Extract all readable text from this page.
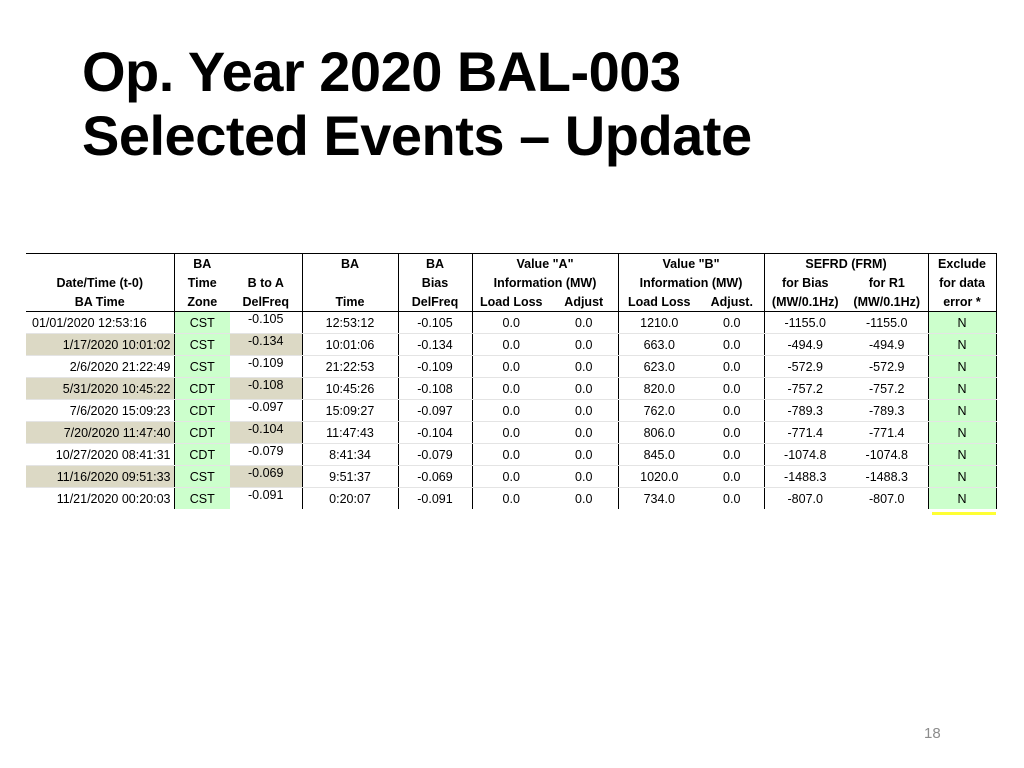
Op. Year 2020 BAL-003
Selected Events – Update
	BA		BA	BA	Value "A"		Value "B"		SEFRD (FRM)		Exclude
Date/Time (t-0)	Time	B to A		Bias	Information (MW)		Information (MW)		for Bias	for R1	for data
BA Time	Zone	DelFreq	Time	DelFreq	Load Loss	Adjust	Load Loss	Adjust.	(MW/0.1Hz)	(MW/0.1Hz)	error *
01/01/2020 12:53:16	CST	-0.105	12:53:12	-0.105	0.0	0.0	1210.0	0.0	-1155.0	-1155.0	N
1/17/2020 10:01:02	CST	-0.134	10:01:06	-0.134	0.0	0.0	663.0	0.0	-494.9	-494.9	N
2/6/2020 21:22:49	CST	-0.109	21:22:53	-0.109	0.0	0.0	623.0	0.0	-572.9	-572.9	N
5/31/2020 10:45:22	CDT	-0.108	10:45:26	-0.108	0.0	0.0	820.0	0.0	-757.2	-757.2	N
7/6/2020 15:09:23	CDT	-0.097	15:09:27	-0.097	0.0	0.0	762.0	0.0	-789.3	-789.3	N
7/20/2020 11:47:40	CDT	-0.104	11:47:43	-0.104	0.0	0.0	806.0	0.0	-771.4	-771.4	N
10/27/2020 08:41:31	CDT	-0.079	8:41:34	-0.079	0.0	0.0	845.0	0.0	-1074.8	-1074.8	N
11/16/2020 09:51:33	CST	-0.069	9:51:37	-0.069	0.0	0.0	1020.0	0.0	-1488.3	-1488.3	N
11/21/2020 00:20:03	CST	-0.091	0:20:07	-0.091	0.0	0.0	734.0	0.0	-807.0	-807.0	N
18
